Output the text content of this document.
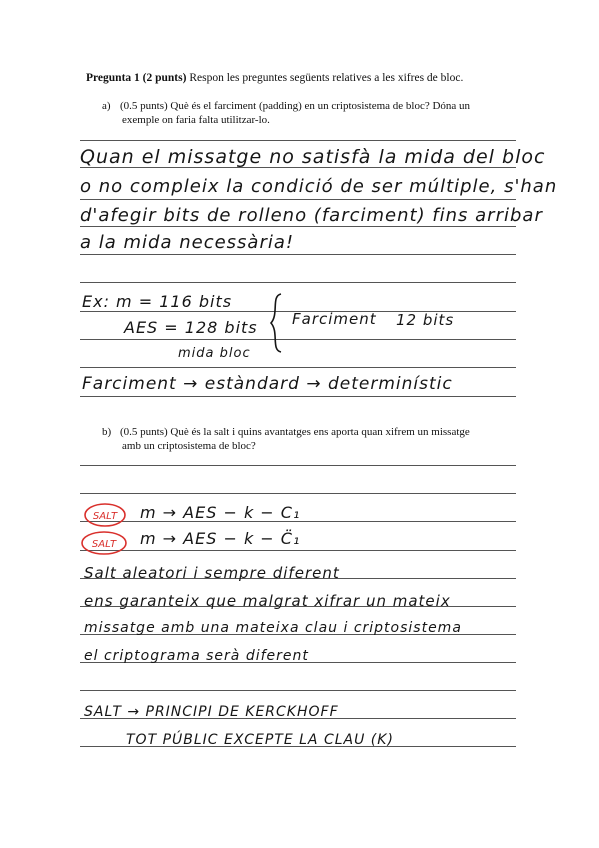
Pregunta 1 (2 punts) Respon les preguntes següents relatives a les xifres de bloc.
a) (0.5 punts) Què és el farciment (padding) en un criptosistema de bloc? Dóna un
exemple on faria falta utilitzar-lo.
Quan el missatge no satisfà la mida del bloc
o no compleix la condició de ser múltiple, s'han
d'afegir bits de rolleno (farciment) fins arribar
a la mida necessària!
Ex: m = 116 bits
AES = 128 bits
mida bloc
Farciment 12 bits
Farciment → estàndard → determinístic
b) (0.5 punts) Què és la salt i quins avantatges ens aporta quan xifrem un missatge
amb un criptosistema de bloc?
SALT m → AES − k − C₁
SALT m → AES − k − C̈₁
Salt aleatori i sempre diferent
ens garanteix que malgrat xifrar un mateix
missatge amb una mateixa clau i criptosistema
el criptograma serà diferent
SALT → PRINCIPI DE KERCKHOFF
TOT PÚBLIC EXCEPTE LA CLAU (K)
